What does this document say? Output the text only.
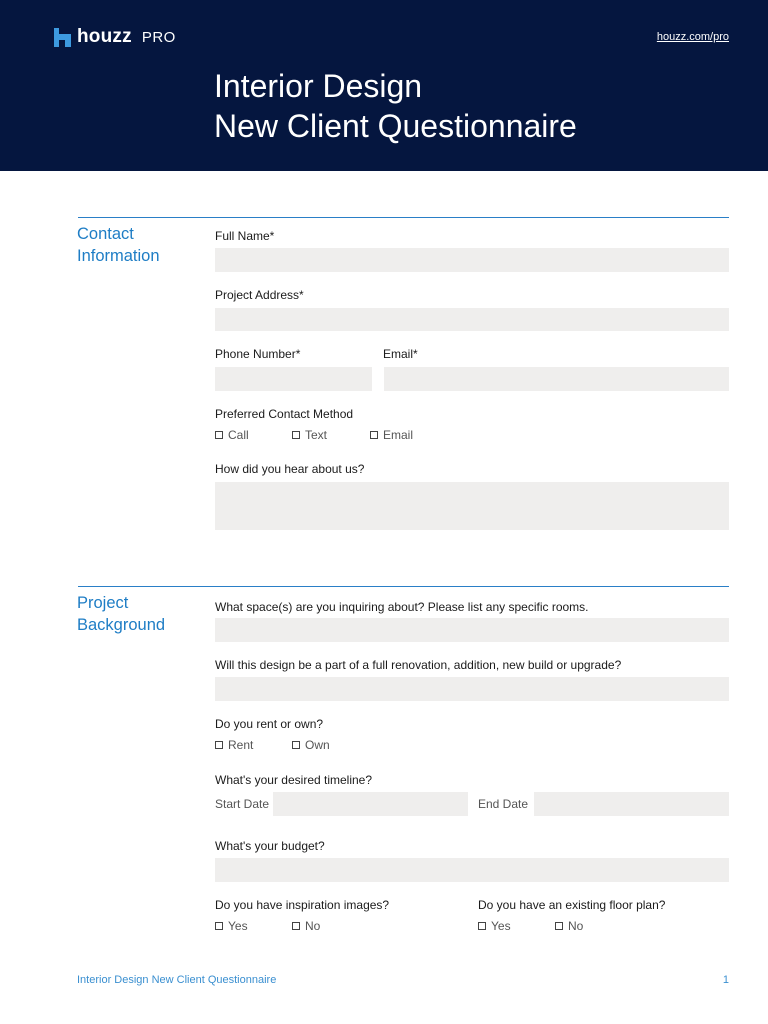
houzz PRO	houzz.com/pro
Interior Design
New Client Questionnaire
Contact
Information
Full Name*
Project Address*
Phone Number*	Email*
Preferred Contact Method
Call	Text	Email
How did you hear about us?
Project
Background
What space(s) are you inquiring about? Please list any specific rooms.
Will this design be a part of a full renovation, addition, new build or upgrade?
Do you rent or own?
Rent	Own
What's your desired timeline?
Start Date	End Date
What's your budget?
Do you have inspiration images?
Yes	No
Do you have an existing floor plan?
Yes	No
Interior Design New Client Questionnaire	1
